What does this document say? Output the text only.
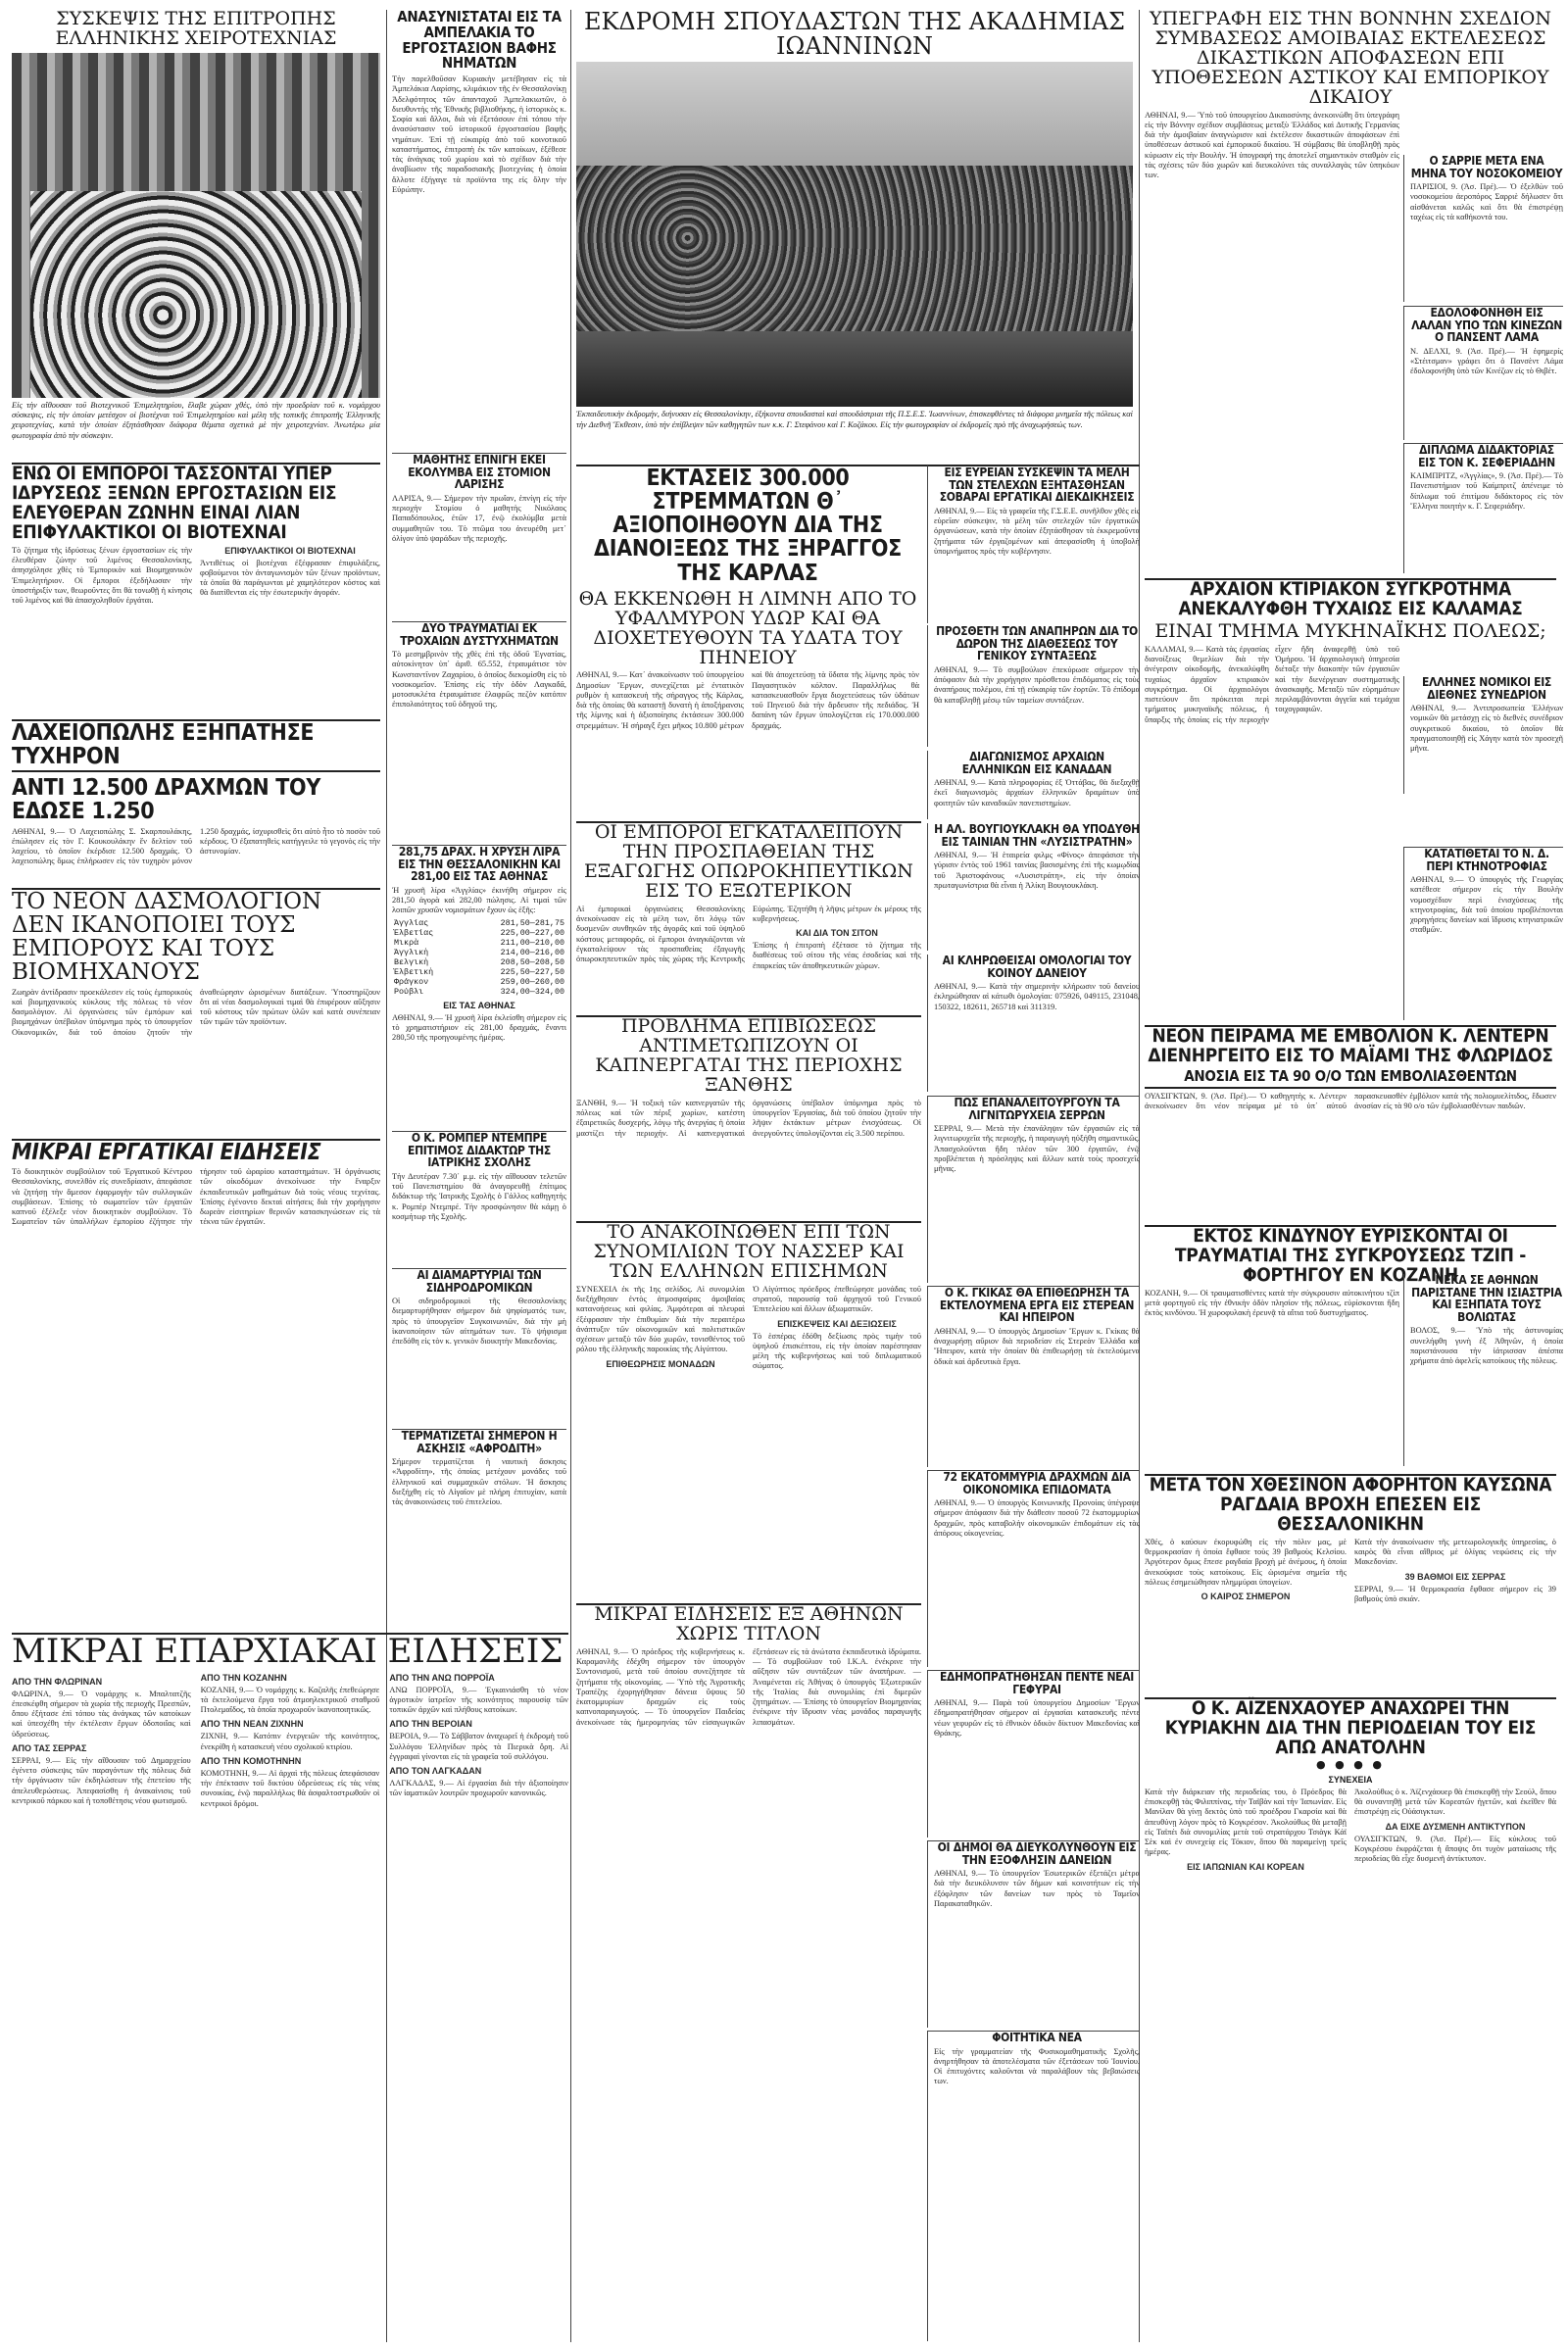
ΣΥΣΚΕΨΙΣ ΤΗΣ ΕΠΙΤΡΟΠΗΣ ΕΛΛΗΝΙΚΗΣ ΧΕΙΡΟΤΕΧΝΙΑΣ

Εἰς τὴν αἴθουσαν τοῦ Βιοτεχνικοῦ Ἐπιμελητηρίου, ἔλαβε χώραν χθές, ὑπὸ τὴν προεδρίαν τοῦ κ. νομάρχου σύσκεψις, εἰς τὴν ὁποίαν μετέσχον οἱ βιοτέχναι τοῦ Ἐπιμελητηρίου καὶ μέλη τῆς τοπικῆς ἐπιτροπῆς Ἑλληνικῆς χειροτεχνίας, κατὰ τὴν ὁποίαν ἐξητάσθησαν διάφορα θέματα σχετικὰ μὲ τὴν χειροτεχνίαν. Ἀνωτέρω μία φωτογραφία ἀπὸ τὴν σύσκεψιν.

ΕΝΩ ΟΙ ΕΜΠΟΡΟΙ ΤΑΣΣΟΝΤΑΙ ΥΠΕΡ ΙΔΡΥΣΕΩΣ ΞΕΝΩΝ ΕΡΓΟΣΤΑΣΙΩΝ ΕΙΣ ΕΛΕΥΘΕΡΑΝ ΖΩΝΗΝ ΕΙΝΑΙ ΛΙΑΝ ΕΠΙΦΥΛΑΚΤΙΚΟΙ ΟΙ ΒΙΟΤΕΧΝΑΙ
Τὸ ζήτημα τῆς ἱδρύσεως ξένων ἐργοστασίων εἰς τὴν ἐλευθέραν ζώνην τοῦ λιμένος Θεσσαλονίκης, ἀπησχόλησε χθὲς τὸ Ἐμπορικὸν καὶ Βιομηχανικὸν Ἐπιμελητήριον. Οἱ ἔμποροι ἐξεδήλωσαν τὴν ὑποστήριξίν των, θεωροῦντες ὅτι θὰ τονωθῇ ἡ κίνησις τοῦ λιμένος καὶ θὰ ἀπασχοληθοῦν ἐργάται.
ΕΠΙΦΥΛΑΚΤΙΚΟΙ ΟΙ ΒΙΟΤΕΧΝΑΙ
Ἀντιθέτως οἱ βιοτέχναι ἐξέφρασαν ἐπιφυλάξεις, φοβούμενοι τὸν ἀνταγωνισμὸν τῶν ξένων προϊόντων, τὰ ὁποῖα θὰ παράγωνται μὲ χαμηλότερον κόστος καὶ θὰ διατίθενται εἰς τὴν ἐσωτερικὴν ἀγοράν.
ΛΑΧΕΙΟΠΩΛΗΣ ΕΞΗΠΑΤΗΣΕ ΤΥΧΗΡΟΝ
ΑΝΤΙ 12.500 ΔΡΑΧΜΩΝ ΤΟΥ ΕΔΩΣΕ 1.250

ΑΘΗΝΑΙ, 9.— Ὁ Λαχειοπώλης Σ. Σκαρπουλάκης, ἐπώλησεν εἰς τὸν Γ. Κουκουλάκην ἕν δελτίον τοῦ λαχείου, τὸ ὁποῖον ἐκέρδισε 12.500 δραχμάς. Ὁ λαχειοπώλης ὅμως ἐπλήρωσεν εἰς τὸν τυχηρὸν μόνον 1.250 δραχμάς, ἰσχυρισθεὶς ὅτι αὐτὸ ἦτο τὸ ποσὸν τοῦ κέρδους. Ὁ ἐξαπατηθεὶς κατήγγειλε τὸ γεγονὸς εἰς τὴν ἀστυνομίαν.

ΤΟ ΝΕΟΝ ΔΑΣΜΟΛΟΓΙΟΝ ΔΕΝ ΙΚΑΝΟΠΟΙΕΙ ΤΟΥΣ ΕΜΠΟΡΟΥΣ ΚΑΙ ΤΟΥΣ ΒΙΟΜΗΧΑΝΟΥΣ

Ζωηρὰν ἀντίδρασιν προεκάλεσεν εἰς τοὺς ἐμπορικοὺς καὶ βιομηχανικοὺς κύκλους τῆς πόλεως τὸ νέον δασμολόγιον. Αἱ ὀργανώσεις τῶν ἐμπόρων καὶ βιομηχάνων ὑπέβαλον ὑπόμνημα πρὸς τὸ ὑπουργεῖον Οἰκονομικῶν, διὰ τοῦ ὁποίου ζητοῦν τὴν ἀναθεώρησιν ὡρισμένων διατάξεων. Ὑποστηρίζουν ὅτι αἱ νέαι δασμολογικαὶ τιμαὶ θὰ ἐπιφέρουν αὔξησιν τοῦ κόστους τῶν πρώτων ὑλῶν καὶ κατὰ συνέπειαν τῶν τιμῶν τῶν προϊόντων.

ΜΙΚΡΑΙ ΕΡΓΑΤΙΚΑΙ ΕΙΔΗΣΕΙΣ

Τὸ διοικητικὸν συμβούλιον τοῦ Ἐργατικοῦ Κέντρου Θεσσαλονίκης, συνελθὸν εἰς συνεδρίασιν, ἀπεφάσισε νὰ ζητήσῃ τὴν ἄμεσον ἐφαρμογὴν τῶν συλλογικῶν συμβάσεων. Ἐπίσης τὸ σωματεῖον τῶν ἐργατῶν καπνοῦ ἐξέλεξε νέον διοικητικὸν συμβούλιον. Τὸ Σωματεῖον τῶν ὑπαλλήλων ἐμπορίου ἐζήτησε τὴν τήρησιν τοῦ ὡραρίου καταστημάτων. Ἡ ὀργάνωσις τῶν οἰκοδόμων ἀνεκοίνωσε τὴν ἔναρξιν ἐκπαιδευτικῶν μαθημάτων διὰ τοὺς νέους τεχνίτας. Ἐπίσης ἐγένοντο δεκταὶ αἰτήσεις διὰ τὴν χορήγησιν δωρεὰν εἰσιτηρίων θερινῶν κατασκηνώσεων εἰς τὰ τέκνα τῶν ἐργατῶν.

ΜΙΚΡΑΙ ΕΠΑΡΧΙΑΚΑΙ ΕΙΔΗΣΕΙΣ
ΑΠΟ ΤΗΝ ΦΛΩΡΙΝΑΝ
ΦΛΩΡΙΝΑ, 9.— Ὁ νομάρχης κ. Μπαλτατζῆς ἐπεσκέφθη σήμερον τὰ χωρία τῆς περιοχῆς Πρεσπῶν, ὅπου ἐξήτασε ἐπὶ τόπου τὰς ἀνάγκας τῶν κατοίκων καὶ ὑπεσχέθη τὴν ἐκτέλεσιν ἔργων ὀδοποιΐας καὶ ὑδρεύσεως.
ΑΠΟ ΤΑΣ ΣΕΡΡΑΣ
ΣΕΡΡΑΙ, 9.— Εἰς τὴν αἴθουσαν τοῦ Δημαρχείου ἐγένετο σύσκεψις τῶν παραγόντων τῆς πόλεως διὰ τὴν ὀργάνωσιν τῶν ἐκδηλώσεων τῆς ἐπετείου τῆς ἀπελευθερώσεως. Ἀπεφασίσθη ἡ ἀνακαίνισις τοῦ κεντρικοῦ πάρκου καὶ ἡ τοποθέτησις νέου φωτισμοῦ.
ΑΠΟ ΤΗΝ ΚΟΖΑΝΗΝ
ΚΟΖΑΝΗ, 9.— Ὁ νομάρχης κ. Καζαλῆς ἐπεθεώρησε τὰ ἐκτελούμενα ἔργα τοῦ ἀτμοηλεκτρικοῦ σταθμοῦ Πτολεμαΐδος, τὰ ὁποῖα προχωροῦν ἱκανοποιητικῶς.
ΑΠΟ ΤΗΝ ΝΕΑΝ ΖΙΧΝΗΝ
ΖΙΧΝΗ, 9.— Κατόπιν ἐνεργειῶν τῆς κοινότητος, ἐνεκρίθη ἡ κατασκευὴ νέου σχολικοῦ κτιρίου.
ΑΠΟ ΤΗΝ ΚΟΜΟΤΗΝΗΝ
ΚΟΜΟΤΗΝΗ, 9.— Αἱ ἀρχαὶ τῆς πόλεως ἀπεφάσισαν τὴν ἐπέκτασιν τοῦ δικτύου ὑδρεύσεως εἰς τὰς νέας συνοικίας, ἐνῷ παραλλήλως θὰ ἀσφαλτοστρωθοῦν οἱ κεντρικοὶ δρόμοι.
ΑΠΟ ΤΗΝ ΑΝΩ ΠΟΡΡΟΪΑ
ΑΝΩ ΠΟΡΡΟΪΑ, 9.— Ἐγκαινιάσθη τὸ νέον ἀγροτικὸν ἰατρεῖον τῆς κοινότητος παρουσίᾳ τῶν τοπικῶν ἀρχῶν καὶ πλήθους κατοίκων.
ΑΠΟ ΤΗΝ ΒΕΡΟΙΑΝ
ΒΕΡΟΙΑ, 9.— Τὸ Σάββατον ἀναχωρεῖ ἡ ἐκδρομὴ τοῦ Συλλόγου Ἑλληνίδων πρὸς τὰ Πιερικὰ ὄρη. Αἱ ἐγγραφαὶ γίνονται εἰς τὰ γραφεῖα τοῦ συλλόγου.
ΑΠΟ ΤΟΝ ΛΑΓΚΑΔΑΝ
ΛΑΓΚΑΔΑΣ, 9.— Αἱ ἐργασίαι διὰ τὴν ἀξιοποίησιν τῶν ἰαματικῶν λουτρῶν προχωροῦν κανονικῶς.
ΑΝΑΣΥΝΙΣΤΑΤΑΙ ΕΙΣ ΤΑ ΑΜΠΕΛΑΚΙΑ ΤΟ ΕΡΓΟΣΤΑΣΙΟΝ ΒΑΦΗΣ ΝΗΜΑΤΩΝ

Τὴν παρελθοῦσαν Κυριακὴν μετέβησαν εἰς τὰ Ἀμπελάκια Λαρίσης, κλιμάκιον τῆς ἐν Θεσσαλονίκῃ Ἀδελφότητος τῶν ἀπανταχοῦ Ἀμπελακιωτῶν, ὁ διευθυντὴς τῆς Ἐθνικῆς βιβλιοθήκης, ἡ ἱστορικὸς κ. Σοφία καὶ ἄλλοι, διὰ νὰ ἐξετάσουν ἐπὶ τόπου τὴν ἀνασύστασιν τοῦ ἱστορικοῦ ἐργοστασίου βαφῆς νημάτων. Ἐπὶ τῇ εὐκαιρίᾳ ἀπὸ τοῦ κοινοτικοῦ καταστήματος, ἐπιτροπὴ ἐκ τῶν κατοίκων, ἐξέθεσε τὰς ἀνάγκας τοῦ χωρίου καὶ τὸ σχέδιον διὰ τὴν ἀναβίωσιν τῆς παραδοσιακῆς βιοτεχνίας ἡ ὁποία ἄλλοτε ἐξήγαγε τὰ προϊόντα της εἰς ὅλην τὴν Εὐρώπην.

ΜΑΘΗΤΗΣ ΕΠΝΙΓΗ ΕΚΕΙ ΕΚΟΛΥΜΒΑ ΕΙΣ ΣΤΟΜΙΟΝ ΛΑΡΙΣΗΣ

ΛΑΡΙΣΑ, 9.— Σήμερον τὴν πρωΐαν, ἐπνίγη εἰς τὴν περιοχὴν Στομίου ὁ μαθητὴς Νικόλαος Παπαδόπουλος, ἐτῶν 17, ἐνῷ ἐκολύμβα μετὰ συμμαθητῶν του. Τὸ πτῶμα του ἀνευρέθη μετ᾽ ὀλίγον ὑπὸ ψαράδων τῆς περιοχῆς.

ΔΥΟ ΤΡΑΥΜΑΤΙΑΙ ΕΚ ΤΡΟΧΑΙΩΝ ΔΥΣΤΥΧΗΜΑΤΩΝ

Τὸ μεσημβρινὸν τῆς χθὲς ἐπὶ τῆς ὁδοῦ Ἐγνατίας, αὐτοκίνητον ὑπ᾽ ἀριθ. 65.552, ἐτραυμάτισε τὸν Κωνσταντῖνον Ζαχαρίου, ὁ ὁποῖος διεκομίσθη εἰς τὸ νοσοκομεῖον. Ἐπίσης εἰς τὴν ὁδὸν Λαγκαδᾶ, μοτοσυκλέτα ἐτραυμάτισε ἐλαφρῶς πεζὸν κατόπιν ἐπιπολαιότητος τοῦ ὁδηγοῦ της.

281,75 ΔΡΑΧ. Η ΧΡΥΣΗ ΛΙΡΑ ΕΙΣ ΤΗΝ ΘΕΣΣΑΛΟΝΙΚΗΝ ΚΑΙ 281,00 ΕΙΣ ΤΑΣ ΑΘΗΝΑΣ

Ἡ χρυσῆ λίρα «Ἀγγλίας» ἐκινήθη σήμερον εἰς 281,50 ἀγορὰ καὶ 282,00 πώλησις. Αἱ τιμαὶ τῶν λοιπῶν χρυσῶν νομισμάτων ἔχουν ὡς ἑξῆς:

Ἀγγλίας	281,50—281,75
Ἐλβετίας	225,00—227,00
Μικρὰ	211,00—210,00
Ἀγγλικὴ	214,00—216,00
Βελγικὴ	208,50—208,50
Ἐλβετικὴ	225,50—227,50
Φράγκον	259,00—260,00
Ρούβλι	324,00—324,00
ΕΙΣ ΤΑΣ ΑΘΗΝΑΣ

ΑΘΗΝΑΙ, 9.— Ἡ χρυσῆ λίρα ἐκλείσθη σήμερον εἰς τὸ χρηματιστήριον εἰς 281,00 δραχμάς, ἔναντι 280,50 τῆς προηγουμένης ἡμέρας.

Ο Κ. ΡΟΜΠΕΡ ΝΤΕΜΠΡΕ ΕΠΙΤΙΜΟΣ ΔΙΔΑΚΤΩΡ ΤΗΣ ΙΑΤΡΙΚΗΣ ΣΧΟΛΗΣ

Τὴν Δευτέραν 7.30΄ μ.μ. εἰς τὴν αἴθουσαν τελετῶν τοῦ Πανεπιστημίου θὰ ἀναγορευθῇ ἐπίτιμος διδάκτωρ τῆς Ἰατρικῆς Σχολῆς ὁ Γάλλος καθηγητὴς κ. Ρομπὲρ Ντεμπρέ. Τὴν προσφώνησιν θὰ κάμῃ ὁ κοσμήτωρ τῆς Σχολῆς.

ΑΙ ΔΙΑΜΑΡΤΥΡΙΑΙ ΤΩΝ ΣΙΔΗΡΟΔΡΟΜΙΚΩΝ

Οἱ σιδηροδρομικοὶ τῆς Θεσσαλονίκης διεμαρτυρήθησαν σήμερον διὰ ψηφίσματός των, πρὸς τὸ ὑπουργεῖον Συγκοινωνιῶν, διὰ τὴν μὴ ἱκανοποίησιν τῶν αἰτημάτων των. Τὸ ψήφισμα ἐπεδόθη εἰς τὸν κ. γενικὸν διοικητὴν Μακεδονίας.

ΤΕΡΜΑΤΙΖΕΤΑΙ ΣΗΜΕΡΟΝ Η ΑΣΚΗΣΙΣ «ΑΦΡΟΔΙΤΗ»

Σήμερον τερματίζεται ἡ ναυτικὴ ἄσκησις «Ἀφροδίτη», τῆς ὁποίας μετέχουν μονάδες τοῦ ἑλληνικοῦ καὶ συμμαχικῶν στόλων. Ἡ ἄσκησις διεξήχθη εἰς τὸ Αἰγαῖον μὲ πλήρη ἐπιτυχίαν, κατὰ τὰς ἀνακοινώσεις τοῦ ἐπιτελείου.

ΕΚΔΡΟΜΗ ΣΠΟΥΔΑΣΤΩΝ ΤΗΣ ΑΚΑΔΗΜΙΑΣ ΙΩΑΝΝΙΝΩΝ

Ἐκπαιδευτικὴν ἐκδρομήν, διήνυσαν εἰς Θεσσαλονίκην, ἐξήκοντα σπουδασταὶ καὶ σπουδάστριαι τῆς Π.Σ.Ε.Σ. Ἰωαννίνων, ἐπισκεφθέντες τὰ διάφορα μνημεῖα τῆς πόλεως καὶ τὴν Διεθνῆ Ἔκθεσιν, ὑπὸ τὴν ἐπίβλεψιν τῶν καθηγητῶν των κ.κ. Γ. Στεφάνου καὶ Γ. Κοζάκου. Εἰς τὴν φωτογραφίαν οἱ ἐκδρομεῖς πρὸ τῆς ἀναχωρήσεώς των.

ΕΚΤΑΣΕΙΣ 300.000 ΣΤΡΕΜΜΑΤΩΝ Θ᾽ ΑΞΙΟΠΟΙΗΘΟΥΝ ΔΙΑ ΤΗΣ ΔΙΑΝΟΙΞΕΩΣ ΤΗΣ ΞΗΡΑΓΓΟΣ ΤΗΣ ΚΑΡΛΑΣ
ΘΑ ΕΚΚΕΝΩΘΗ Η ΛΙΜΝΗ ΑΠΟ ΤΟ ΥΦΑΛΜΥΡΟΝ ΥΔΩΡ ΚΑΙ ΘΑ ΔΙΟΧΕΤΕΥΘΟΥΝ ΤΑ ΥΔΑΤΑ ΤΟΥ ΠΗΝΕΙΟΥ

ΑΘΗΝΑΙ, 9.— Κατ᾽ ἀνακοίνωσιν τοῦ ὑπουργείου Δημοσίων Ἔργων, συνεχίζεται μὲ ἐντατικὸν ρυθμὸν ἡ κατασκευὴ τῆς σήραγγος τῆς Κάρλας, διὰ τῆς ὁποίας θὰ καταστῇ δυνατὴ ἡ ἀποξήρανσις τῆς λίμνης καὶ ἡ ἀξιοποίησις ἐκτάσεων 300.000 στρεμμάτων. Ἡ σήραγξ ἔχει μῆκος 10.800 μέτρων καὶ θὰ ἀποχετεύσῃ τὰ ὕδατα τῆς λίμνης πρὸς τὸν Παγασητικὸν κόλπον. Παραλλήλως θὰ κατασκευασθοῦν ἔργα διοχετεύσεως τῶν ὑδάτων τοῦ Πηνειοῦ διὰ τὴν ἄρδευσιν τῆς πεδιάδος. Ἡ δαπάνη τῶν ἔργων ὑπολογίζεται εἰς 170.000.000 δραχμάς.

ΕΙΣ ΕΥΡΕΙΑΝ ΣΥΣΚΕΨΙΝ ΤΑ ΜΕΛΗ ΤΩΝ ΣΤΕΛΕΧΩΝ ΕΞΗΤΑΣΘΗΣΑΝ ΣΟΒΑΡΑΙ ΕΡΓΑΤΙΚΑΙ ΔΙΕΚΔΙΚΗΣΕΙΣ

ΑΘΗΝΑΙ, 9.— Εἰς τὰ γραφεῖα τῆς Γ.Σ.Ε.Ε. συνῆλθον χθὲς εἰς εὐρεῖαν σύσκεψιν, τὰ μέλη τῶν στελεχῶν τῶν ἐργατικῶν ὀργανώσεων, κατὰ τὴν ὁποίαν ἐξητάσθησαν τὰ ἐκκρεμοῦντα ζητήματα τῶν ἐργαζομένων καὶ ἀπεφασίσθη ἡ ὑποβολὴ ὑπομνήματος πρὸς τὴν κυβέρνησιν.

ΠΡΟΣΘΕΤΗ ΤΩΝ ΑΝΑΠΗΡΩΝ ΔΙΑ ΤΟ ΔΩΡΟΝ ΤΗΣ ΔΙΑΘΕΣΕΩΣ ΤΟΥ ΓΕΝΙΚΟΥ ΣΥΝΤΑΞΕΩΣ

ΑΘΗΝΑΙ, 9.— Τὸ συμβούλιον ἐπεκύρωσε σήμερον τὴν ἀπόφασιν διὰ τὴν χορήγησιν πρόσθετου ἐπιδόματος εἰς τοὺς ἀναπήρους πολέμου, ἐπὶ τῇ εὐκαιρίᾳ τῶν ἑορτῶν. Τὸ ἐπίδομα θὰ καταβληθῇ μέσῳ τῶν ταμείων συντάξεων.

ΔΙΑΓΩΝΙΣΜΟΣ ΑΡΧΑΙΩΝ ΕΛΛΗΝΙΚΩΝ ΕΙΣ ΚΑΝΑΔΑΝ

ΑΘΗΝΑΙ, 9.— Κατὰ πληροφορίας ἐξ Ὀττάβας, θὰ διεξαχθῇ ἐκεῖ διαγωνισμὸς ἀρχαίων ἑλληνικῶν δραμάτων ὑπὸ φοιτητῶν τῶν καναδικῶν πανεπιστημίων.

ΟΙ ΕΜΠΟΡΟΙ ΕΓΚΑΤΑΛΕΙΠΟΥΝ ΤΗΝ ΠΡΟΣΠΑΘΕΙΑΝ ΤΗΣ ΕΞΑΓΩΓΗΣ ΟΠΩΡΟΚΗΠΕΥΤΙΚΩΝ ΕΙΣ ΤΟ ΕΞΩΤΕΡΙΚΟΝ
Αἱ ἐμπορικαὶ ὀργανώσεις Θεσσαλονίκης ἀνεκοίνωσαν εἰς τὰ μέλη των, ὅτι λόγῳ τῶν δυσμενῶν συνθηκῶν τῆς ἀγορᾶς καὶ τοῦ ὑψηλοῦ κόστους μεταφορᾶς, οἱ ἔμποροι ἀναγκάζονται νὰ ἐγκαταλείψουν τὰς προσπαθείας ἐξαγωγῆς ὀπωροκηπευτικῶν πρὸς τὰς χώρας τῆς Κεντρικῆς Εὐρώπης. Ἐζητήθη ἡ λῆψις μέτρων ἐκ μέρους τῆς κυβερνήσεως.
ΚΑΙ ΔΙΑ ΤΟΝ ΣΙΤΟΝ
Ἐπίσης ἡ ἐπιτροπὴ ἐξέτασε τὸ ζήτημα τῆς διαθέσεως τοῦ σίτου τῆς νέας ἐσοδείας καὶ τῆς ἐπαρκείας τῶν ἀποθηκευτικῶν χώρων.
ΠΡΟΒΛΗΜΑ ΕΠΙΒΙΩΣΕΩΣ ΑΝΤΙΜΕΤΩΠΙΖΟΥΝ ΟΙ ΚΑΠΝΕΡΓΑΤΑΙ ΤΗΣ ΠΕΡΙΟΧΗΣ ΞΑΝΘΗΣ

ΞΑΝΘΗ, 9.— Ἡ τοξικὴ τῶν καπνεργατῶν τῆς πόλεως καὶ τῶν πέριξ χωρίων, κατέστη ἐξαιρετικῶς δυσχερής, λόγῳ τῆς ἀνεργίας ἡ ὁποία μαστίζει τὴν περιοχήν. Αἱ καπνεργατικαὶ ὀργανώσεις ὑπέβαλον ὑπόμνημα πρὸς τὸ ὑπουργεῖον Ἐργασίας, διὰ τοῦ ὁποίου ζητοῦν τὴν λῆψιν ἐκτάκτων μέτρων ἐνισχύσεως. Οἱ ἀνεργοῦντες ὑπολογίζονται εἰς 3.500 περίπου.

ΤΟ ΑΝΑΚΟΙΝΩΘΕΝ ΕΠΙ ΤΩΝ ΣΥΝΟΜΙΛΙΩΝ ΤΟΥ ΝΑΣΣΕΡ ΚΑΙ ΤΩΝ ΕΛΛΗΝΩΝ ΕΠΙΣΗΜΩΝ
ΣΥΝΕΧΕΙΑ ἐκ τῆς 1ης σελίδος. Αἱ συνομιλίαι διεξήχθησαν ἐντὸς ἀτμοσφαίρας ἀμοιβαίας κατανοήσεως καὶ φιλίας. Ἀμφότεραι αἱ πλευραὶ ἐξέφρασαν τὴν ἐπιθυμίαν διὰ τὴν περαιτέρω ἀνάπτυξιν τῶν οἰκονομικῶν καὶ πολιτιστικῶν σχέσεων μεταξὺ τῶν δύο χωρῶν, τονισθέντος τοῦ ρόλου τῆς ἑλληνικῆς παροικίας τῆς Αἰγύπτου.
ΕΠΙΘΕΩΡΗΣΙΣ ΜΟΝΑΔΩΝ
Ὁ Αἰγύπτιος πρόεδρος ἐπεθεώρησε μονάδας τοῦ στρατοῦ, παρουσίᾳ τοῦ ἀρχηγοῦ τοῦ Γενικοῦ Ἐπιτελείου καὶ ἄλλων ἀξιωματικῶν.
ΕΠΙΣΚΕΨΕΙΣ ΚΑΙ ΔΕΞΙΩΣΕΙΣ
Τὸ ἑσπέρας ἐδόθη δεξίωσις πρὸς τιμὴν τοῦ ὑψηλοῦ ἐπισκέπτου, εἰς τὴν ὁποίαν παρέστησαν μέλη τῆς κυβερνήσεως καὶ τοῦ διπλωματικοῦ σώματος.
ΜΙΚΡΑΙ ΕΙΔΗΣΕΙΣ ΕΞ ΑΘΗΝΩΝ ΧΩΡΙΣ ΤΙΤΛΟΝ

ΑΘΗΝΑΙ, 9.— Ὁ πρόεδρος τῆς κυβερνήσεως κ. Καραμανλῆς ἐδέχθη σήμερον τὸν ὑπουργὸν Συντονισμοῦ, μετὰ τοῦ ὁποίου συνεζήτησε τὰ ζητήματα τῆς οἰκονομίας. — Ὑπὸ τῆς Ἀγροτικῆς Τραπέζης ἐχορηγήθησαν δάνεια ὕψους 50 ἑκατομμυρίων δραχμῶν εἰς τοὺς καπνοπαραγωγούς. — Τὸ ὑπουργεῖον Παιδείας ἀνεκοίνωσε τὰς ἡμερομηνίας τῶν εἰσαγωγικῶν ἐξετάσεων εἰς τὰ ἀνώτατα ἐκπαιδευτικὰ ἱδρύματα. — Τὸ συμβούλιον τοῦ Ι.Κ.Α. ἐνέκρινε τὴν αὔξησιν τῶν συντάξεων τῶν ἀναπήρων. — Ἀναμένεται εἰς Ἀθήνας ὁ ὑπουργὸς Ἐξωτερικῶν τῆς Ἰταλίας διὰ συνομιλίας ἐπὶ διμερῶν ζητημάτων. — Ἐπίσης τὸ ὑπουργεῖον Βιομηχανίας ἐνέκρινε τὴν ἵδρυσιν νέας μονάδος παραγωγῆς λιπασμάτων.

Η ΑΛ. ΒΟΥΓΙΟΥΚΛΑΚΗ ΘΑ ΥΠΟΔΥΘΗ ΕΙΣ ΤΑΙΝΙΑΝ ΤΗΝ «ΛΥΣΙΣΤΡΑΤΗΝ»

ΑΘΗΝΑΙ, 9.— Ἡ ἑταιρεία φιλμς «Φίνος» ἀπεφάσισε τὴν γύρισιν ἐντὸς τοῦ 1961 ταινίας βασισμένης ἐπὶ τῆς κωμῳδίας τοῦ Ἀριστοφάνους «Λυσιστράτη», εἰς τὴν ὁποίαν πρωταγωνίστρια θὰ εἶναι ἡ Ἀλίκη Βουγιουκλάκη.

ΑΙ ΚΛΗΡΩΘΕΙΣΑΙ ΟΜΟΛΟΓΙΑΙ ΤΟΥ ΚΟΙΝΟΥ ΔΑΝΕΙΟΥ

ΑΘΗΝΑΙ, 9.— Κατὰ τὴν σημερινὴν κλήρωσιν τοῦ δανείου ἐκληρώθησαν αἱ κάτωθι ὁμολογίαι: 075926, 049115, 231048, 150322, 182611, 265718 καὶ 311319.

ΠΩΣ ΕΠΑΝΑΛΕΙΤΟΥΡΓΟΥΝ ΤΑ ΛΙΓΝΙΤΩΡΥΧΕΙΑ ΣΕΡΡΩΝ

ΣΕΡΡΑΙ, 9.— Μετὰ τὴν ἐπανάληψιν τῶν ἐργασιῶν εἰς τὰ λιγνιτωρυχεῖα τῆς περιοχῆς, ἡ παραγωγὴ ηὐξήθη σημαντικῶς. Ἀπασχολοῦνται ἤδη πλέον τῶν 300 ἐργατῶν, ἐνῷ προβλέπεται ἡ πρόσληψις καὶ ἄλλων κατὰ τοὺς προσεχεῖς μῆνας.

Ο Κ. ΓΚΙΚΑΣ ΘΑ ΕΠΙΘΕΩΡΗΣΗ ΤΑ ΕΚΤΕΛΟΥΜΕΝΑ ΕΡΓΑ ΕΙΣ ΣΤΕΡΕΑΝ ΚΑΙ ΗΠΕΙΡΟΝ

ΑΘΗΝΑΙ, 9.— Ὁ ὑπουργὸς Δημοσίων Ἔργων κ. Γκίκας θὰ ἀναχωρήσῃ αὔριον διὰ περιοδείαν εἰς Στερεὰν Ἑλλάδα καὶ Ἤπειρον, κατὰ τὴν ὁποίαν θὰ ἐπιθεωρήσῃ τὰ ἐκτελούμενα ὁδικὰ καὶ ἀρδευτικὰ ἔργα.

72 ΕΚΑΤΟΜΜΥΡΙΑ ΔΡΑΧΜΩΝ ΔΙΑ ΟΙΚΟΝΟΜΙΚΑ ΕΠΙΔΟΜΑΤΑ

ΑΘΗΝΑΙ, 9.— Ὁ ὑπουργὸς Κοινωνικῆς Προνοίας ὑπέγραψε σήμερον ἀπόφασιν διὰ τὴν διάθεσιν ποσοῦ 72 ἑκατομμυρίων δραχμῶν, πρὸς καταβολὴν οἰκονομικῶν ἐπιδομάτων εἰς τὰς ἀπόρους οἰκογενείας.

ΕΔΗΜΟΠΡΑΤΗΘΗΣΑΝ ΠΕΝΤΕ ΝΕΑΙ ΓΕΦΥΡΑΙ

ΑΘΗΝΑΙ, 9.— Παρὰ τοῦ ὑπουργείου Δημοσίων Ἔργων ἐδημοπρατήθησαν σήμερον αἱ ἐργασίαι κατασκευῆς πέντε νέων γεφυρῶν εἰς τὸ ἐθνικὸν ὁδικὸν δίκτυον Μακεδονίας καὶ Θράκης.

ΟΙ ΔΗΜΟΙ ΘΑ ΔΙΕΥΚΟΛΥΝΘΟΥΝ ΕΙΣ ΤΗΝ ΕΞΟΦΛΗΣΙΝ ΔΑΝΕΙΩΝ

ΑΘΗΝΑΙ, 9.— Τὸ ὑπουργεῖον Ἐσωτερικῶν ἐξετάζει μέτρα διὰ τὴν διευκόλυνσιν τῶν δήμων καὶ κοινοτήτων εἰς τὴν ἐξόφλησιν τῶν δανείων των πρὸς τὸ Ταμεῖον Παρακαταθηκῶν.

ΦΟΙΤΗΤΙΚΑ ΝΕΑ

Εἰς τὴν γραμματείαν τῆς Φυσικομαθηματικῆς Σχολῆς, ἀνηρτήθησαν τὰ ἀποτελέσματα τῶν ἐξετάσεων τοῦ Ἰουνίου. Οἱ ἐπιτυχόντες καλοῦνται νὰ παραλάβουν τὰς βεβαιώσεις των.

ΥΠΕΓΡΑΦΗ ΕΙΣ ΤΗΝ ΒΟΝΝΗΝ ΣΧΕΔΙΟΝ ΣΥΜΒΑΣΕΩΣ ΑΜΟΙΒΑΙΑΣ ΕΚΤΕΛΕΣΕΩΣ ΔΙΚΑΣΤΙΚΩΝ ΑΠΟΦΑΣΕΩΝ ΕΠΙ ΥΠΟΘΕΣΕΩΝ ΑΣΤΙΚΟΥ ΚΑΙ ΕΜΠΟΡΙΚΟΥ ΔΙΚΑΙΟΥ

ΑΘΗΝΑΙ, 9.— Ὑπὸ τοῦ ὑπουργείου Δικαιοσύνης ἀνεκοινώθη ὅτι ὑπεγράφη εἰς τὴν Βόννην σχέδιον συμβάσεως μεταξὺ Ἑλλάδος καὶ Δυτικῆς Γερμανίας διὰ τὴν ἀμοιβαίαν ἀναγνώρισιν καὶ ἐκτέλεσιν δικαστικῶν ἀποφάσεων ἐπὶ ὑποθέσεων ἀστικοῦ καὶ ἐμπορικοῦ δικαίου. Ἡ σύμβασις θὰ ὑποβληθῇ πρὸς κύρωσιν εἰς τὴν Βουλήν. Ἡ ὑπογραφή της ἀποτελεῖ σημαντικὸν σταθμὸν εἰς τὰς σχέσεις τῶν δύο χωρῶν καὶ διευκολύνει τὰς συναλλαγὰς τῶν ὑπηκόων των.

Ο ΣΑΡΡΙΕ ΜΕΤΑ ΕΝΑ ΜΗΝΑ ΤΟΥ ΝΟΣΟΚΟΜΕΙΟΥ

ΠΑΡΙΣΙΟΙ, 9. (Ἀσ. Πρέ).— Ὁ ἐξελθὼν τοῦ νοσοκομείου ἀεροπόρος Σαρριὲ δήλωσεν ὅτι αἰσθάνεται καλῶς καὶ ὅτι θὰ ἐπιστρέψῃ ταχέως εἰς τὰ καθήκοντά του.

ΕΔΟΛΟΦΟΝΗΘΗ ΕΙΣ ΛΑΛΑΝ ΥΠΟ ΤΩΝ ΚΙΝΕΖΩΝ Ο ΠΑΝΣΕΝΤ ΛΑΜΑ

Ν. ΔΕΛΧΙ, 9. (Ἀσ. Πρέ).— Ἡ ἐφημερίς «Στέιτσμαν» γράφει ὅτι ὁ Πανσὲντ Λάμα ἐδολοφονήθη ὑπὸ τῶν Κινέζων εἰς τὸ Θιβέτ.

ΔΙΠΛΩΜΑ ΔΙΔΑΚΤΟΡΙΑΣ ΕΙΣ ΤΟΝ Κ. ΣΕΦΕΡΙΑΔΗΝ

ΚΑΙΜΠΡΙΤΖ, «Ἀγγλίας», 9. (Ἀσ. Πρέ).— Τὸ Πανεπιστήμιον τοῦ Καίμπριτζ ἀπένειμε τὸ δίπλωμα τοῦ ἐπιτίμου διδάκτορος εἰς τὸν Ἕλληνα ποιητὴν κ. Γ. Σεφεριάδην.

ΑΡΧΑΙΟΝ ΚΤΙΡΙΑΚΟΝ ΣΥΓΚΡΟΤΗΜΑ ΑΝΕΚΑΛΥΦΘΗ ΤΥΧΑΙΩΣ ΕΙΣ ΚΑΛΑΜΑΣ
ΕΙΝΑΙ ΤΜΗΜΑ ΜΥΚΗΝΑΪΚΗΣ ΠΟΛΕΩΣ;

ΚΑΛΑΜΑΙ, 9.— Κατὰ τὰς ἐργασίας διανοίξεως θεμελίων διὰ τὴν ἀνέγερσιν οἰκοδομῆς, ἀνεκαλύφθη τυχαίως ἀρχαῖον κτιριακὸν συγκρότημα. Οἱ ἀρχαιολόγοι πιστεύουν ὅτι πρόκειται περὶ τμήματος μυκηναϊκῆς πόλεως, ἡ ὕπαρξις τῆς ὁποίας εἰς τὴν περιοχὴν εἶχεν ἤδη ἀναφερθῇ ὑπὸ τοῦ Ὁμήρου. Ἡ ἀρχαιολογικὴ ὑπηρεσία διέταξε τὴν διακοπὴν τῶν ἐργασιῶν καὶ τὴν διενέργειαν συστηματικῆς ἀνασκαφῆς. Μεταξὺ τῶν εὑρημάτων περιλαμβάνονται ἀγγεῖα καὶ τεμάχια τοιχογραφιῶν.

ΕΛΛΗΝΕΣ ΝΟΜΙΚΟΙ ΕΙΣ ΔΙΕΘΝΕΣ ΣΥΝΕΔΡΙΟΝ

ΑΘΗΝΑΙ, 9.— Ἀντιπροσωπεία Ἑλλήνων νομικῶν θὰ μετάσχῃ εἰς τὸ διεθνὲς συνέδριον συγκριτικοῦ δικαίου, τὸ ὁποῖον θὰ πραγματοποιηθῇ εἰς Χάγην κατὰ τὸν προσεχῆ μῆνα.

ΚΑΤΑΤΙΘΕΤΑΙ ΤΟ Ν. Δ. ΠΕΡΙ ΚΤΗΝΟΤΡΟΦΙΑΣ

ΑΘΗΝΑΙ, 9.— Ὁ ὑπουργὸς τῆς Γεωργίας κατέθεσε σήμερον εἰς τὴν Βουλὴν νομοσχέδιον περὶ ἐνισχύσεως τῆς κτηνοτροφίας, διὰ τοῦ ὁποίου προβλέπονται χορηγήσεις δανείων καὶ ἵδρυσις κτηνιατρικῶν σταθμῶν.

ΝΕΟΝ ΠΕΙΡΑΜΑ ΜΕ ΕΜΒΟΛΙΟΝ Κ. ΛΕΝΤΕΡΝ ΔΙΕΝΗΡΓΕΙΤΟ ΕΙΣ ΤΟ ΜΑΪΑΜΙ ΤΗΣ ΦΛΩΡΙΔΟΣ
ΑΝΟΣΙΑ ΕΙΣ ΤΑ 90 Ο/Ο ΤΩΝ ΕΜΒΟΛΙΑΣΘΕΝΤΩΝ

ΟΥΑΣΙΓΚΤΩΝ, 9. (Ἀσ. Πρέ).— Ὁ καθηγητὴς κ. Λέντερν ἀνεκοίνωσεν ὅτι νέον πείραμα μὲ τὸ ὑπ᾽ αὐτοῦ παρασκευασθὲν ἐμβόλιον κατὰ τῆς πολιομυελίτιδος, ἔδωσεν ἀνοσίαν εἰς τὰ 90 ο/ο τῶν ἐμβολιασθέντων παιδιῶν.

ΕΚΤΟΣ ΚΙΝΔΥΝΟΥ ΕΥΡΙΣΚΟΝΤΑΙ ΟΙ ΤΡΑΥΜΑΤΙΑΙ ΤΗΣ ΣΥΓΚΡΟΥΣΕΩΣ ΤΖΙΠ - ΦΟΡΤΗΓΟΥ ΕΝ ΚΟΖΑΝΗ

ΚΟΖΑΝΗ, 9.— Οἱ τραυματισθέντες κατὰ τὴν σύγκρουσιν αὐτοκινήτου τζὶπ μετὰ φορτηγοῦ εἰς τὴν ἐθνικὴν ὁδὸν πλησίον τῆς πόλεως, εὑρίσκονται ἤδη ἐκτὸς κινδύνου. Ἡ χωροφυλακὴ ἐρευνᾷ τὰ αἴτια τοῦ δυστυχήματος.

ΝΕΚΑ ΣΕ ΑΘΗΝΩΝ ΠΑΡΙΣΤΑΝΕ ΤΗΝ ΙΣΙΑΣΤΡΙΑ ΚΑΙ ΕΞΗΠΑΤΑ ΤΟΥΣ ΒΟΛΙΩΤΑΣ

ΒΟΛΟΣ, 9.— Ὑπὸ τῆς ἀστυνομίας συνελήφθη γυνὴ ἐξ Ἀθηνῶν, ἡ ὁποία παριστάνουσα τὴν ἰάτρισσαν ἀπέσπα χρήματα ἀπὸ ἀφελεῖς κατοίκους τῆς πόλεως.

ΜΕΤΑ ΤΟΝ ΧΘΕΣΙΝΟΝ ΑΦΟΡΗΤΟΝ ΚΑΥΣΩΝΑ ΡΑΓΔΑΙΑ ΒΡΟΧΗ ΕΠΕΣΕΝ ΕΙΣ ΘΕΣΣΑΛΟΝΙΚΗΝ
Χθές, ὁ καύσων ἐκορυφώθη εἰς τὴν πόλιν μας, μὲ θερμοκρασίαν ἡ ὁποία ἔφθασε τοὺς 39 βαθμοὺς Κελσίου. Ἀργότερον ὅμως ἔπεσε ραγδαία βροχὴ μὲ ἀνέμους, ἡ ὁποία ἀνεκούφισε τοὺς κατοίκους. Εἰς ὡρισμένα σημεῖα τῆς πόλεως ἐσημειώθησαν πλημμύραι ὑπογείων.
Ο ΚΑΙΡΟΣ ΣΗΜΕΡΟΝ
Κατὰ τὴν ἀνακοίνωσιν τῆς μετεωρολογικῆς ὑπηρεσίας, ὁ καιρὸς θὰ εἶναι αἴθριος μὲ ὀλίγας νεφώσεις εἰς τὴν Μακεδονίαν.
39 ΒΑΘΜΟΙ ΕΙΣ ΣΕΡΡΑΣ
ΣΕΡΡΑΙ, 9.— Ἡ θερμοκρασία ἔφθασε σήμερον εἰς 39 βαθμοὺς ὑπὸ σκιάν.
Ο Κ. ΑΪΖΕΝΧΑΟΥΕΡ ΑΝΑΧΩΡΕΙ ΤΗΝ ΚΥΡΙΑΚΗΝ ΔΙΑ ΤΗΝ ΠΕΡΙΟΔΕΙΑΝ ΤΟΥ ΕΙΣ ΑΠΩ ΑΝΑΤΟΛΗΝ
● ● ● ●
ΣΥΝΕΧΕΙΑ
Κατὰ τὴν διάρκειαν τῆς περιοδείας του, ὁ Πρόεδρος θὰ ἐπισκεφθῇ τὰς Φιλιππίνας, τὴν Ταϊβὰν καὶ τὴν Ἰαπωνίαν. Εἰς Μανίλαν θὰ γίνῃ δεκτὸς ὑπὸ τοῦ προέδρου Γκαρσία καὶ θὰ ἀπευθύνῃ λόγον πρὸς τὸ Κογκρέσον. Ἀκολούθως θὰ μεταβῇ εἰς Ταϊπέι διὰ συνομιλίας μετὰ τοῦ στρατάρχου Τσιὰγκ Κάϊ Σὲκ καὶ ἐν συνεχείᾳ εἰς Τόκιον, ὅπου θὰ παραμείνῃ τρεῖς ἡμέρας.
ΕΙΣ ΙΑΠΩΝΙΑΝ ΚΑΙ ΚΟΡΕΑΝ
Ἀκολούθως ὁ κ. Ἀϊζενχάουερ θὰ ἐπισκεφθῇ τὴν Σεούλ, ὅπου θὰ συναντηθῇ μετὰ τῶν Κορεατῶν ἡγετῶν, καὶ ἐκεῖθεν θὰ ἐπιστρέψῃ εἰς Οὐάσιγκτων.
ΔΑ ΕΙΧΕ ΔΥΣΜΕΝΗ ΑΝΤΙΚΤΥΠΟΝ
ΟΥΑΣΙΓΚΤΩΝ, 9. (Ἀσ. Πρέ).— Εἰς κύκλους τοῦ Κογκρέσου ἐκφράζεται ἡ ἄποψις ὅτι τυχὸν ματαίωσις τῆς περιοδείας θὰ εἶχε δυσμενῆ ἀντίκτυπον.
